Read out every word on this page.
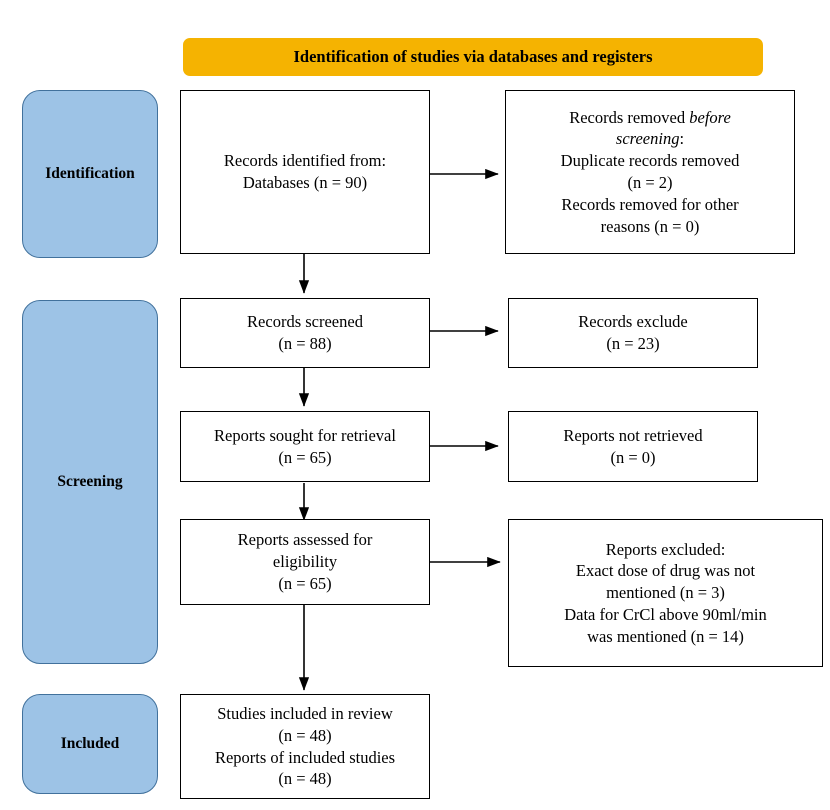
Identification of studies via databases and registers
Identification
Screening
Included
Records identified from:
Databases (n = 90)
Records removed before
screening:
Duplicate records removed
(n = 2)
Records removed for other
reasons (n = 0)
Records screened
(n = 88)
Records exclude
(n = 23)
Reports sought for retrieval
(n = 65)
Reports not retrieved
(n = 0)
Reports assessed for
eligibility
(n = 65)
Reports excluded:
Exact dose of drug was not
mentioned (n = 3)
Data for CrCl above 90ml/min
was mentioned (n = 14)
Studies included in review
(n = 48)
Reports of included studies
(n = 48)
